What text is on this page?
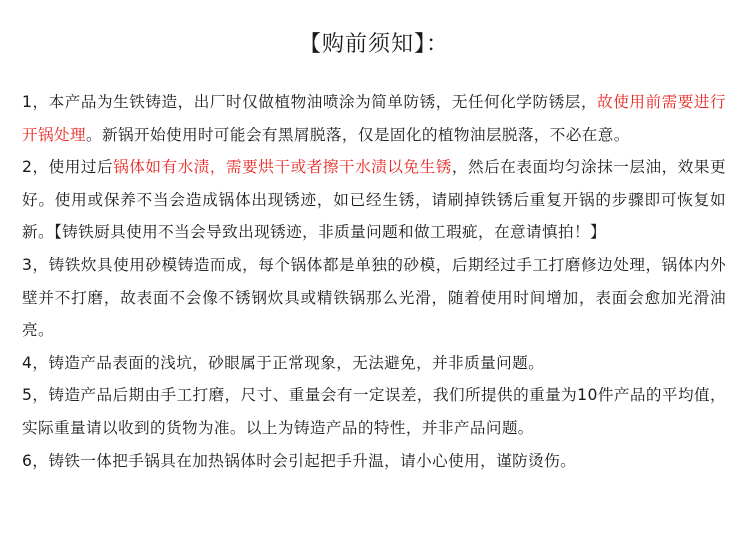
【购前须知】：

1，本产品为生铁铸造，出厂时仅做植物油喷涂为简单防锈，无任何化学防锈层，故使用前需要进行开锅处理。新锅开始使用时可能会有黑屑脱落，仅是固化的植物油层脱落，不必在意。

2，使用过后锅体如有水渍，需要烘干或者擦干水渍以免生锈，然后在表面均匀涂抹一层油，效果更好。使用或保养不当会造成锅体出现锈迹，如已经生锈，请刷掉铁锈后重复开锅的步骤即可恢复如新。【铸铁厨具使用不当会导致出现锈迹，非质量问题和做工瑕疵，在意请慎拍！】

3，铸铁炊具使用砂模铸造而成，每个锅体都是单独的砂模，后期经过手工打磨修边处理，锅体内外壁并不打磨，故表面不会像不锈钢炊具或精铁锅那么光滑，随着使用时间增加，表面会愈加光滑油亮。

4，铸造产品表面的浅坑，砂眼属于正常现象，无法避免，并非质量问题。

5，铸造产品后期由手工打磨，尺寸、重量会有一定误差，我们所提供的重量为10件产品的平均值，实际重量请以收到的货物为准。以上为铸造产品的特性，并非产品问题。

6，铸铁一体把手锅具在加热锅体时会引起把手升温，请小心使用，谨防烫伤。
